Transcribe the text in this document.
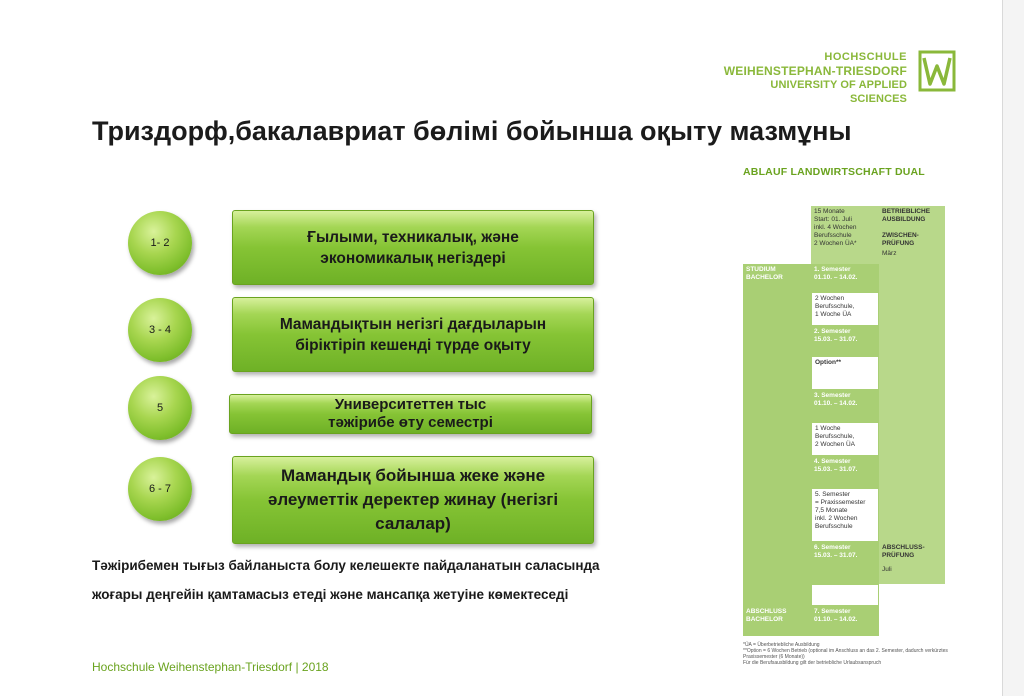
HOCHSCHULE
WEIHENSTEPHAN-TRIESDORF
UNIVERSITY OF APPLIED SCIENCES
Триздорф,бакалавриат бөлімі бойынша оқыту мазмұны
1- 2	Ғылыми, техникалық, және экономикалық негіздері
3 - 4	Мамандықтын негізгі дағдыларын біріктіріп кешенді түрде оқыту
5	Университеттен тыс тәжірибе өту семестрі
6 - 7
Мамандық бойынша жеке және әлеуметтік деректер жинау (негізгі салалар)
Тәжірибемен тығыз байланыста болу келешекте пайдаланатын саласында
жоғары деңгейін қамтамасыз етеді және мансапқа жетуіне көмектеседі
Hochschule Weihenstephan-Triesdorf | 2018
ABLAUF LANDWIRTSCHAFT DUAL
15 Monate
Start: 01. Juli
inkl. 4 Wochen
Berufsschule
2 Wochen ÜA*
BETRIEBLICHE
AUSBILDUNG
ZWISCHEN-
PRÜFUNG
März
STUDIUM
BACHELOR
1. Semester
01.10. – 14.02.
2 Wochen
Berufsschule,
1 Woche ÜA
2. Semester
15.03. – 31.07.
Option**
3. Semester
01.10. – 14.02.
1 Woche
Berufsschule,
2 Wochen ÜA
4. Semester
15.03. – 31.07.
5. Semester
= Praxissemester
7,5 Monate
inkl. 2 Wochen
Berufsschule
6. Semester
15.03. – 31.07.
ABSCHLUSS-
PRÜFUNG
Juli
7. Semester
01.10. – 14.02.
ABSCHLUSS
BACHELOR
*ÜA = Überbetriebliche Ausbildung
**Option = 6 Wochen Betrieb (optional im Anschluss an das 2. Semester, dadurch verkürztes Praxissemester (6 Monate))
Für die Berufsausbildung gilt der betriebliche Urlaubsanspruch
